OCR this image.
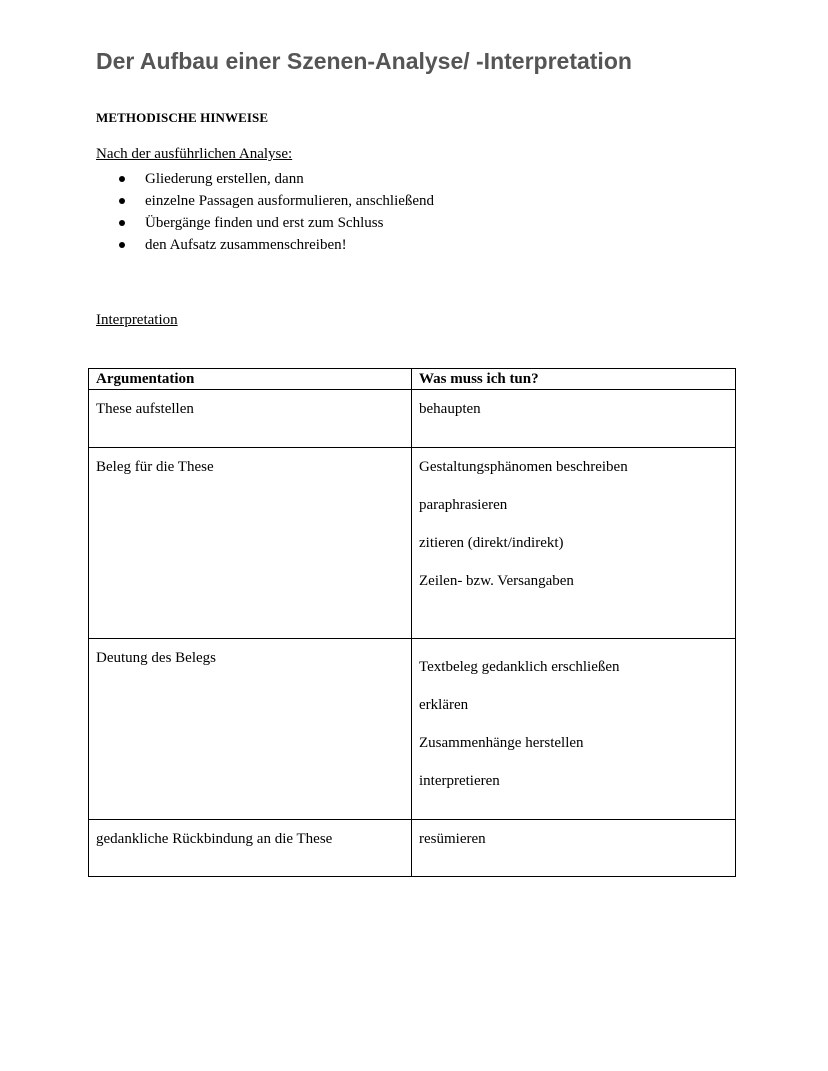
Der Aufbau einer Szenen-Analyse/ -Interpretation
METHODISCHE HINWEISE

Nach der ausführlichen Analyse:

Gliederung erstellen, dann
einzelne Passagen ausformulieren, anschließend
Übergänge finden und erst zum Schluss
den Aufsatz zusammenschreiben!

Interpretation

Argumentation	Was muss ich tun?

These aufstellen	behaupten

Beleg für die These	Gestaltungsphänomen beschreiben
paraphrasieren
zitieren (direkt/indirekt)
Zeilen- bzw. Versangaben

Deutung des Belegs	Textbeleg gedanklich erschließen
erklären
Zusammenhänge herstellen
interpretieren

gedankliche Rückbindung an die These	resümieren
